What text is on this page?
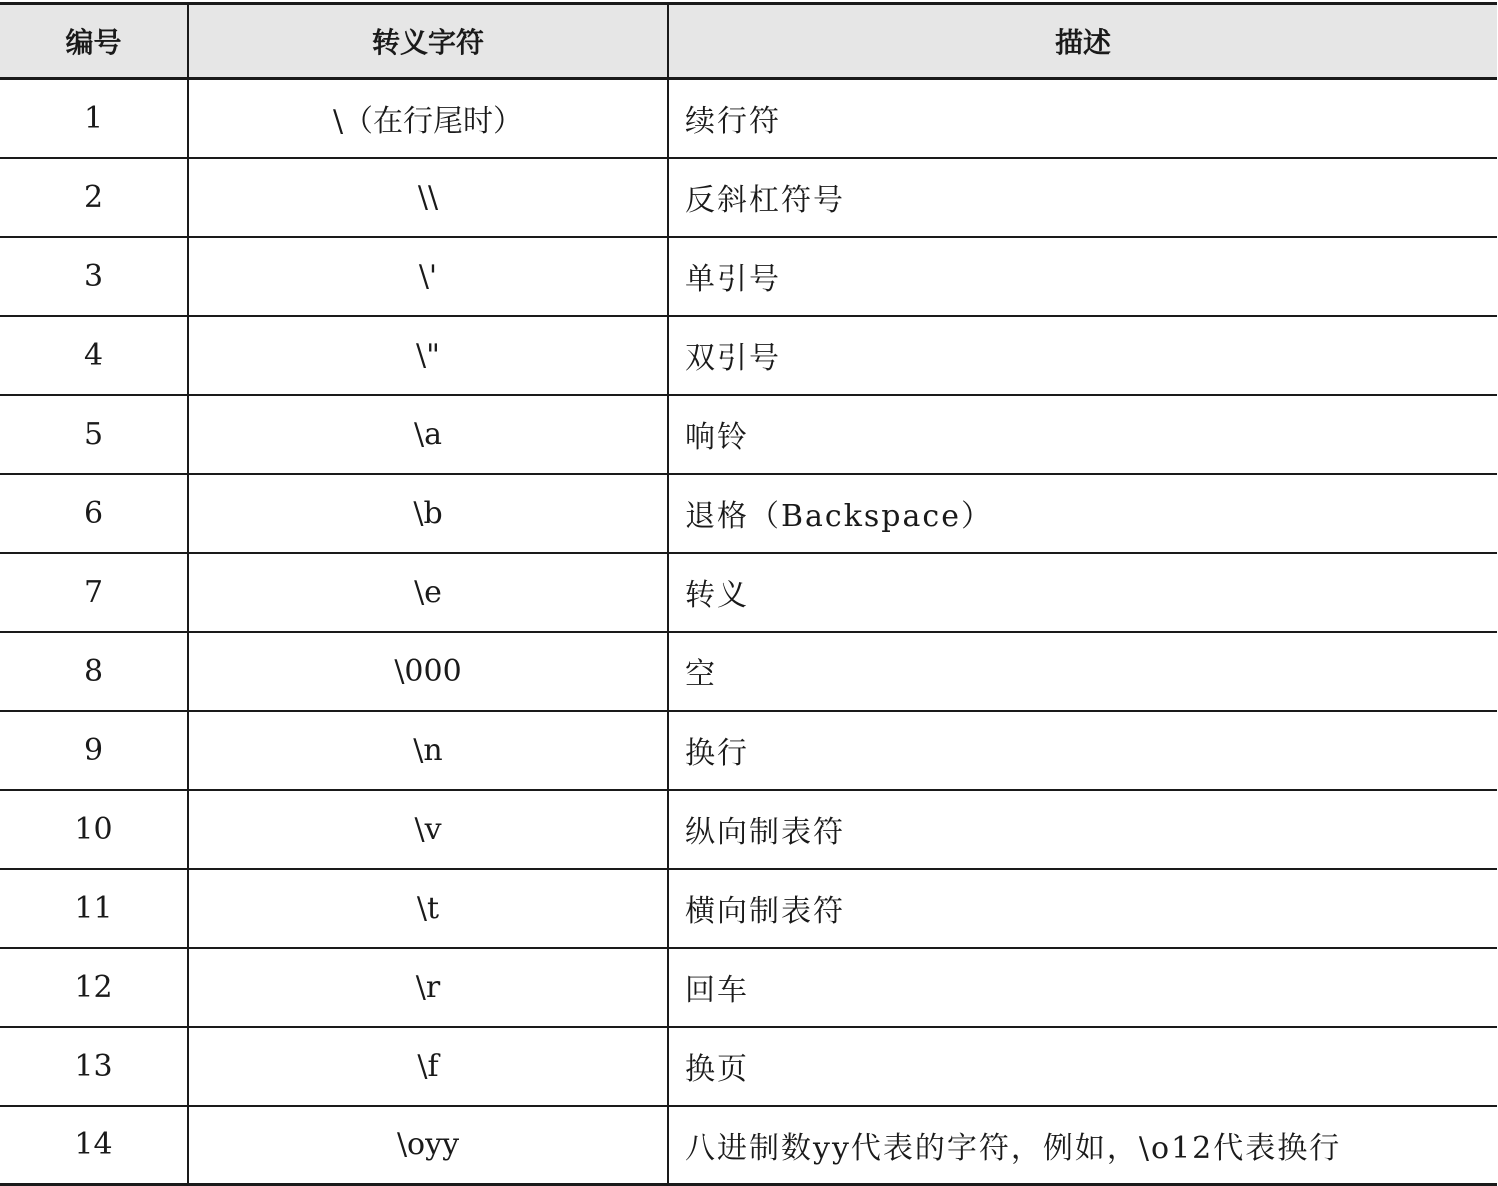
编号	转义字符	描述
1	\（在行尾时）	续行符
2	\\	反斜杠符号
3	\'	单引号
4	\"	双引号
5	\a	响铃
6	\b	退格（Backspace）
7	\e	转义
8	\000	空
9	\n	换行
10	\v	纵向制表符
11	\t	横向制表符
12	\r	回车
13	\f	换页
14	\oyy	八进制数yy代表的字符，例如，\o12代表换行
